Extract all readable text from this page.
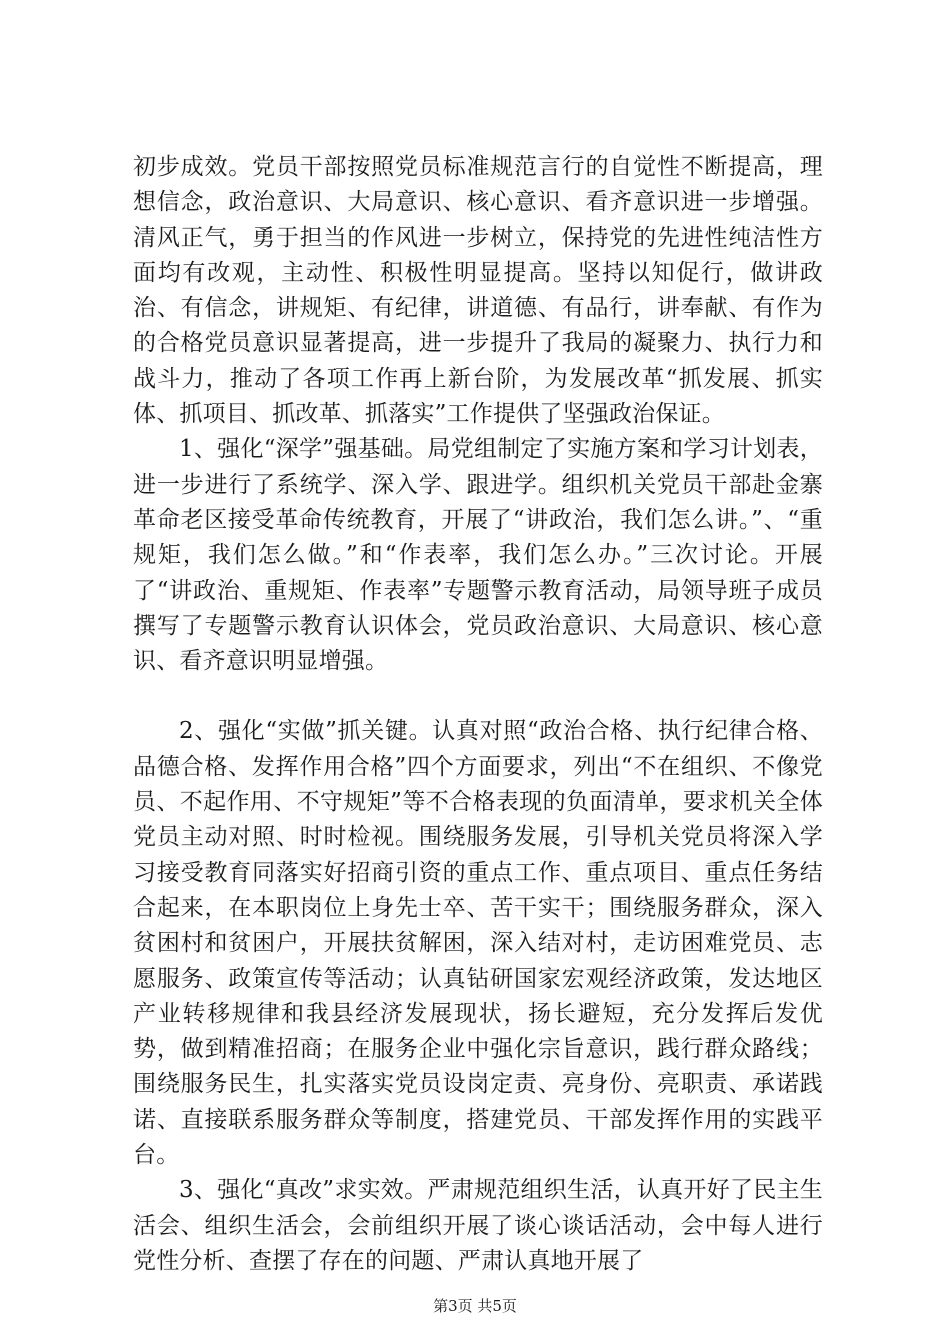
初步成效。党员干部按照党员标准规范言行的自觉性不断提高，理想信念，政治意识、大局意识、核心意识、看齐意识进一步增强。清风正气，勇于担当的作风进一步树立，保持党的先进性纯洁性方面均有改观，主动性、积极性明显提高。坚持以知促行，做讲政治、有信念，讲规矩、有纪律，讲道德、有品行，讲奉献、有作为的合格党员意识显著提高，进一步提升了我局的凝聚力、执行力和战斗力，推动了各项工作再上新台阶，为发展改革“抓发展、抓实体、抓项目、抓改革、抓落实”工作提供了坚强政治保证。

1、强化“深学”强基础。局党组制定了实施方案和学习计划表，进一步进行了系统学、深入学、跟进学。组织机关党员干部赴金寨革命老区接受革命传统教育，开展了“讲政治，我们怎么讲。”、“重规矩，我们怎么做。”和“作表率，我们怎么办。”三次讨论。开展了“讲政治、重规矩、作表率”专题警示教育活动，局领导班子成员撰写了专题警示教育认识体会，党员政治意识、大局意识、核心意识、看齐意识明显增强。

2、强化“实做”抓关键。认真对照“政治合格、执行纪律合格、品德合格、发挥作用合格”四个方面要求，列出“不在组织、不像党员、不起作用、不守规矩”等不合格表现的负面清单，要求机关全体党员主动对照、时时检视。围绕服务发展，引导机关党员将深入学习接受教育同落实好招商引资的重点工作、重点项目、重点任务结合起来，在本职岗位上身先士卒、苦干实干；围绕服务群众，深入贫困村和贫困户，开展扶贫解困，深入结对村，走访困难党员、志愿服务、政策宣传等活动；认真钻研国家宏观经济政策，发达地区产业转移规律和我县经济发展现状，扬长避短，充分发挥后发优势，做到精准招商；在服务企业中强化宗旨意识，践行群众路线；围绕服务民生，扎实落实党员设岗定责、亮身份、亮职责、承诺践诺、直接联系服务群众等制度，搭建党员、干部发挥作用的实践平台。

3、强化“真改”求实效。严肃规范组织生活，认真开好了民主生活会、组织生活会，会前组织开展了谈心谈话活动，会中每人进行党性分析、查摆了存在的问题、严肃认真地开展了

第3页 共5页
